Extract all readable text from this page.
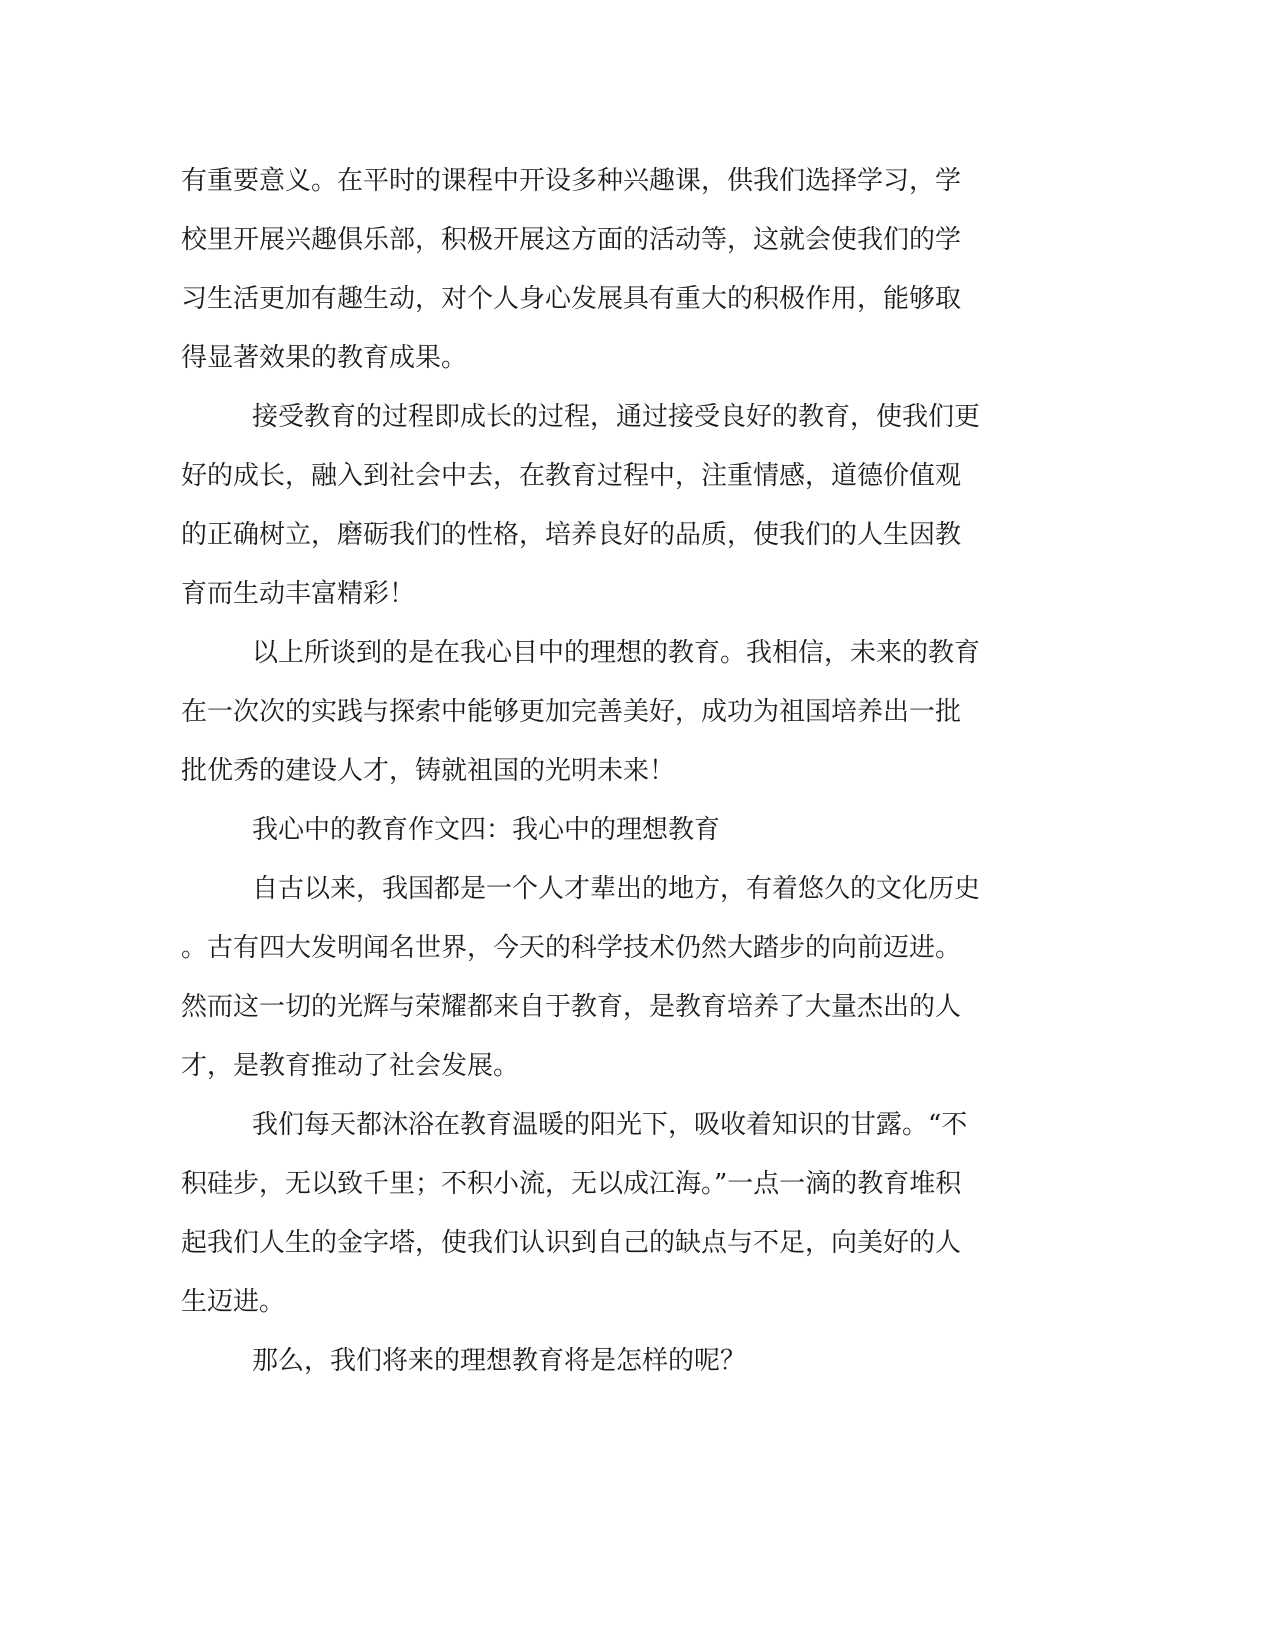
有重要意义。在平时的课程中开设多种兴趣课，供我们选择学习，学
校里开展兴趣俱乐部，积极开展这方面的活动等，这就会使我们的学
习生活更加有趣生动，对个人身心发展具有重大的积极作用，能够取
得显著效果的教育成果。
接受教育的过程即成长的过程，通过接受良好的教育，使我们更
好的成长，融入到社会中去，在教育过程中，注重情感，道德价值观
的正确树立，磨砺我们的性格，培养良好的品质，使我们的人生因教
育而生动丰富精彩！
以上所谈到的是在我心目中的理想的教育。我相信，未来的教育
在一次次的实践与探索中能够更加完善美好，成功为祖国培养出一批
批优秀的建设人才，铸就祖国的光明未来！
我心中的教育作文四：我心中的理想教育
自古以来，我国都是一个人才辈出的地方，有着悠久的文化历史
。古有四大发明闻名世界，今天的科学技术仍然大踏步的向前迈进。
然而这一切的光辉与荣耀都来自于教育，是教育培养了大量杰出的人
才，是教育推动了社会发展。
我们每天都沐浴在教育温暖的阳光下，吸收着知识的甘露。“不
积硅步，无以致千里；不积小流，无以成江海。”一点一滴的教育堆积
起我们人生的金字塔，使我们认识到自己的缺点与不足，向美好的人
生迈进。
那么，我们将来的理想教育将是怎样的呢？
